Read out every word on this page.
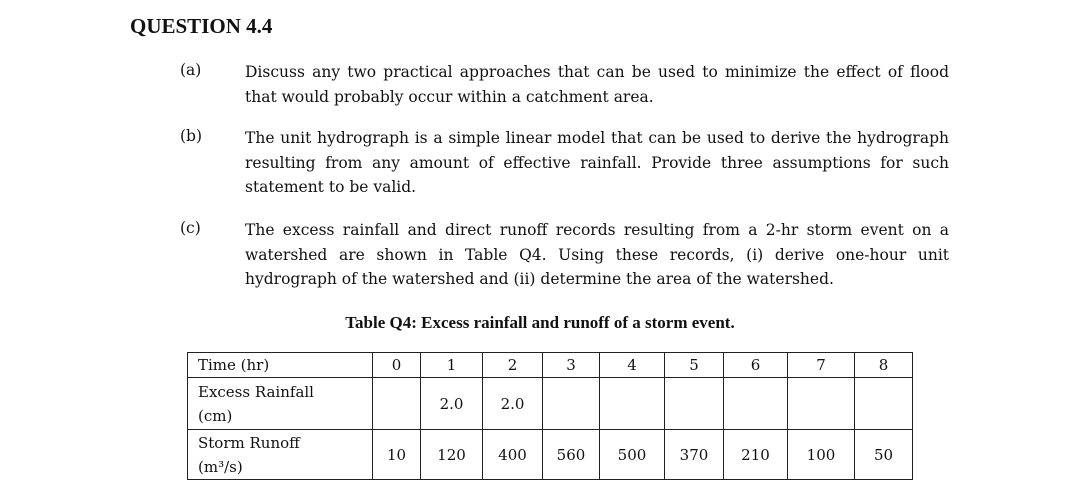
QUESTION 4.4
(a)	Discuss any two practical approaches that can be used to minimize the effect of flood that would probably occur within a catchment area.
(b)	The unit hydrograph is a simple linear model that can be used to derive the hydrograph resulting from any amount of effective rainfall. Provide three assumptions for such statement to be valid.
(c)	The excess rainfall and direct runoff records resulting from a 2-hr storm event on a watershed are shown in Table Q4. Using these records, (i) derive one-hour unit hydrograph of the watershed and (ii) determine the area of the watershed.
Table Q4: Excess rainfall and runoff of a storm event.
Time (hr)	0	1	2	3	4	5	6	7	8

Excess Rainfall
(cm)		2.0	2.0						

Storm Runoff
(m³/s)	10	120	400	560	500	370	210	100	50
